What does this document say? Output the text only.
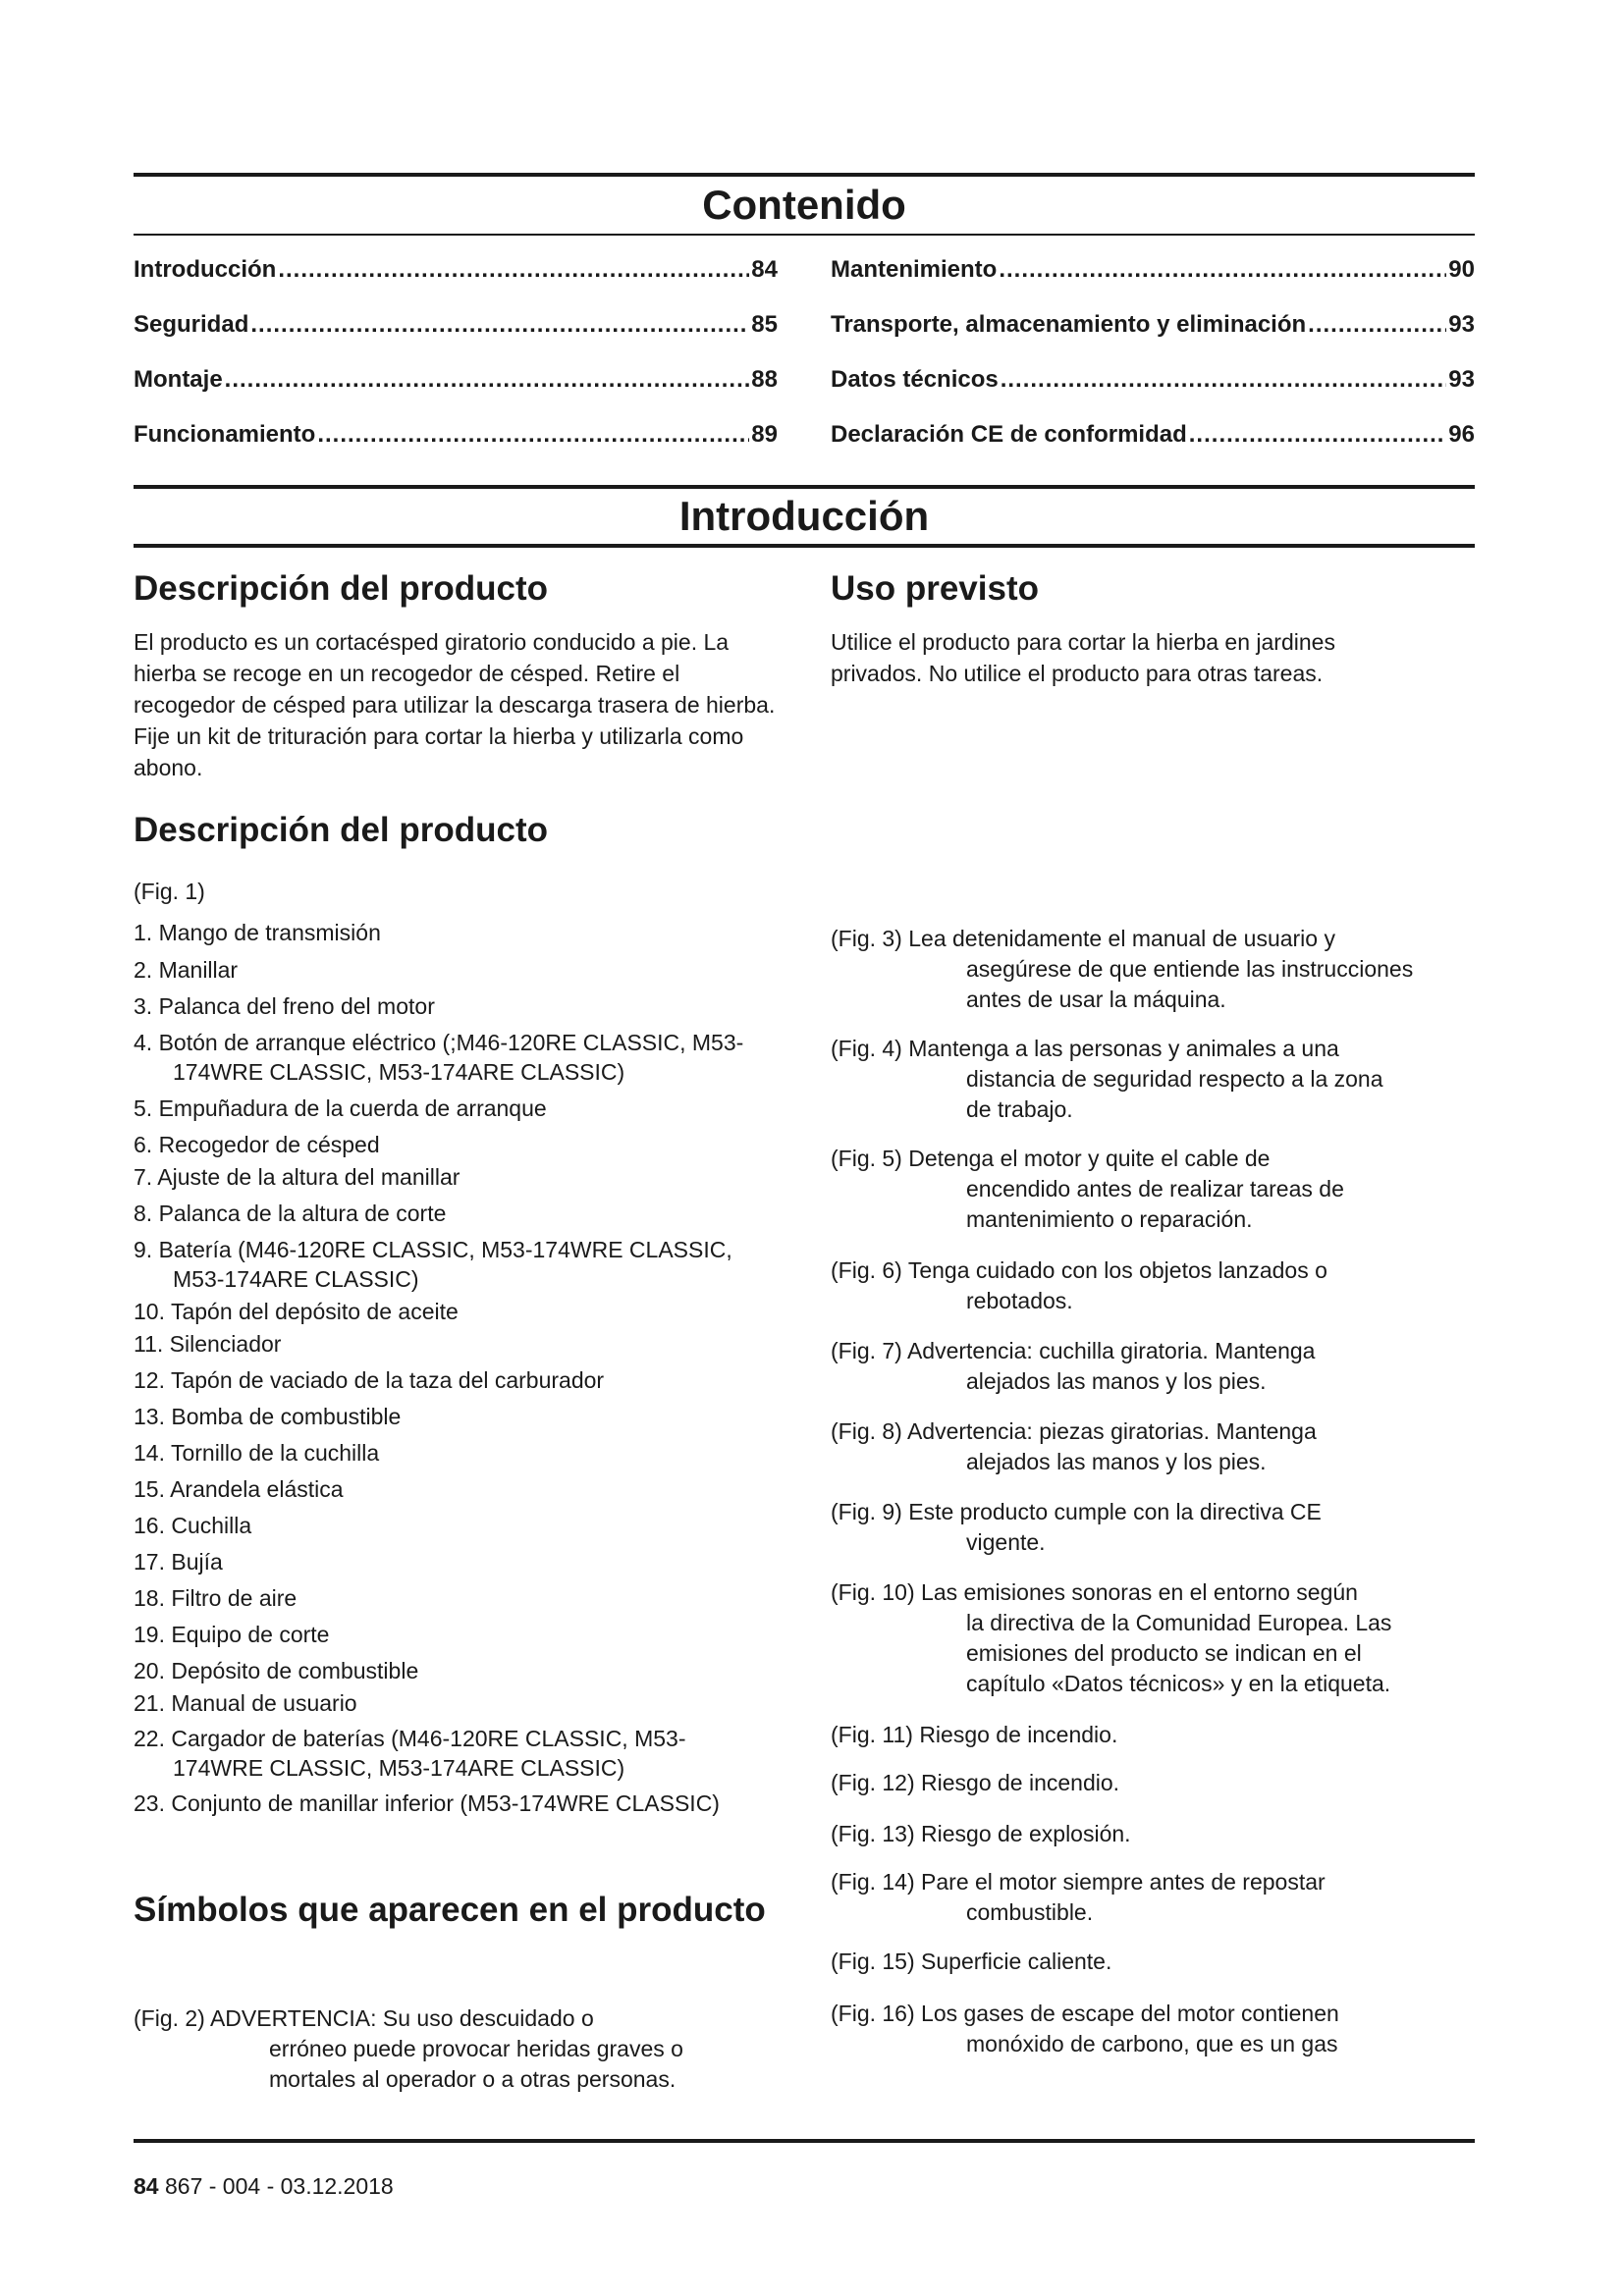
Contenido
Introducción .....	84
Seguridad .....	85
Montaje .....	88
Funcionamiento .....	89
Mantenimiento .....	90
Transporte, almacenamiento y eliminación .....	93
Datos técnicos .....	93
Declaración CE de conformidad .....	96
Introducción
Descripción del producto

El producto es un cortacésped giratorio conducido a pie. La hierba se recoge en un recogedor de césped. Retire el recogedor de césped para utilizar la descarga trasera de hierba. Fije un kit de trituración para cortar la hierba y utilizarla como abono.

Uso previsto

Utilice el producto para cortar la hierba en jardines privados. No utilice el producto para otras tareas.

Descripción del producto
(Fig. 1)
1. Mango de transmisión
2. Manillar
3. Palanca del freno del motor
4. Botón de arranque eléctrico (;M46-120RE CLASSIC, M53-174WRE CLASSIC, M53-174ARE CLASSIC)
5. Empuñadura de la cuerda de arranque
6. Recogedor de césped
7. Ajuste de la altura del manillar
8. Palanca de la altura de corte
9. Batería (M46-120RE CLASSIC, M53-174WRE CLASSIC, M53-174ARE CLASSIC)
10. Tapón del depósito de aceite
11. Silenciador
12. Tapón de vaciado de la taza del carburador
13. Bomba de combustible
14. Tornillo de la cuchilla
15. Arandela elástica
16. Cuchilla
17. Bujía
18. Filtro de aire
19. Equipo de corte
20. Depósito de combustible
21. Manual de usuario
22. Cargador de baterías (M46-120RE CLASSIC, M53-174WRE CLASSIC, M53-174ARE CLASSIC)
23. Conjunto de manillar inferior (M53-174WRE CLASSIC)
Símbolos que aparecen en el producto
(Fig. 2) ADVERTENCIA: Su uso descuidado o
erróneo puede provocar heridas graves o
mortales al operador o a otras personas.
(Fig. 3) Lea detenidamente el manual de usuario y
asegúrese de que entiende las instrucciones
antes de usar la máquina.
(Fig. 4) Mantenga a las personas y animales a una
distancia de seguridad respecto a la zona
de trabajo.
(Fig. 5) Detenga el motor y quite el cable de
encendido antes de realizar tareas de
mantenimiento o reparación.
(Fig. 6) Tenga cuidado con los objetos lanzados o
rebotados.
(Fig. 7) Advertencia: cuchilla giratoria. Mantenga
alejados las manos y los pies.
(Fig. 8) Advertencia: piezas giratorias. Mantenga
alejados las manos y los pies.
(Fig. 9) Este producto cumple con la directiva CE
vigente.
(Fig. 10) Las emisiones sonoras en el entorno según
la directiva de la Comunidad Europea. Las
emisiones del producto se indican en el
capítulo «Datos técnicos» y en la etiqueta.
(Fig. 11) Riesgo de incendio.
(Fig. 12) Riesgo de incendio.
(Fig. 13) Riesgo de explosión.
(Fig. 14) Pare el motor siempre antes de repostar
combustible.
(Fig. 15) Superficie caliente.
(Fig. 16) Los gases de escape del motor contienen
monóxido de carbono, que es un gas
84 867 - 004 - 03.12.2018
